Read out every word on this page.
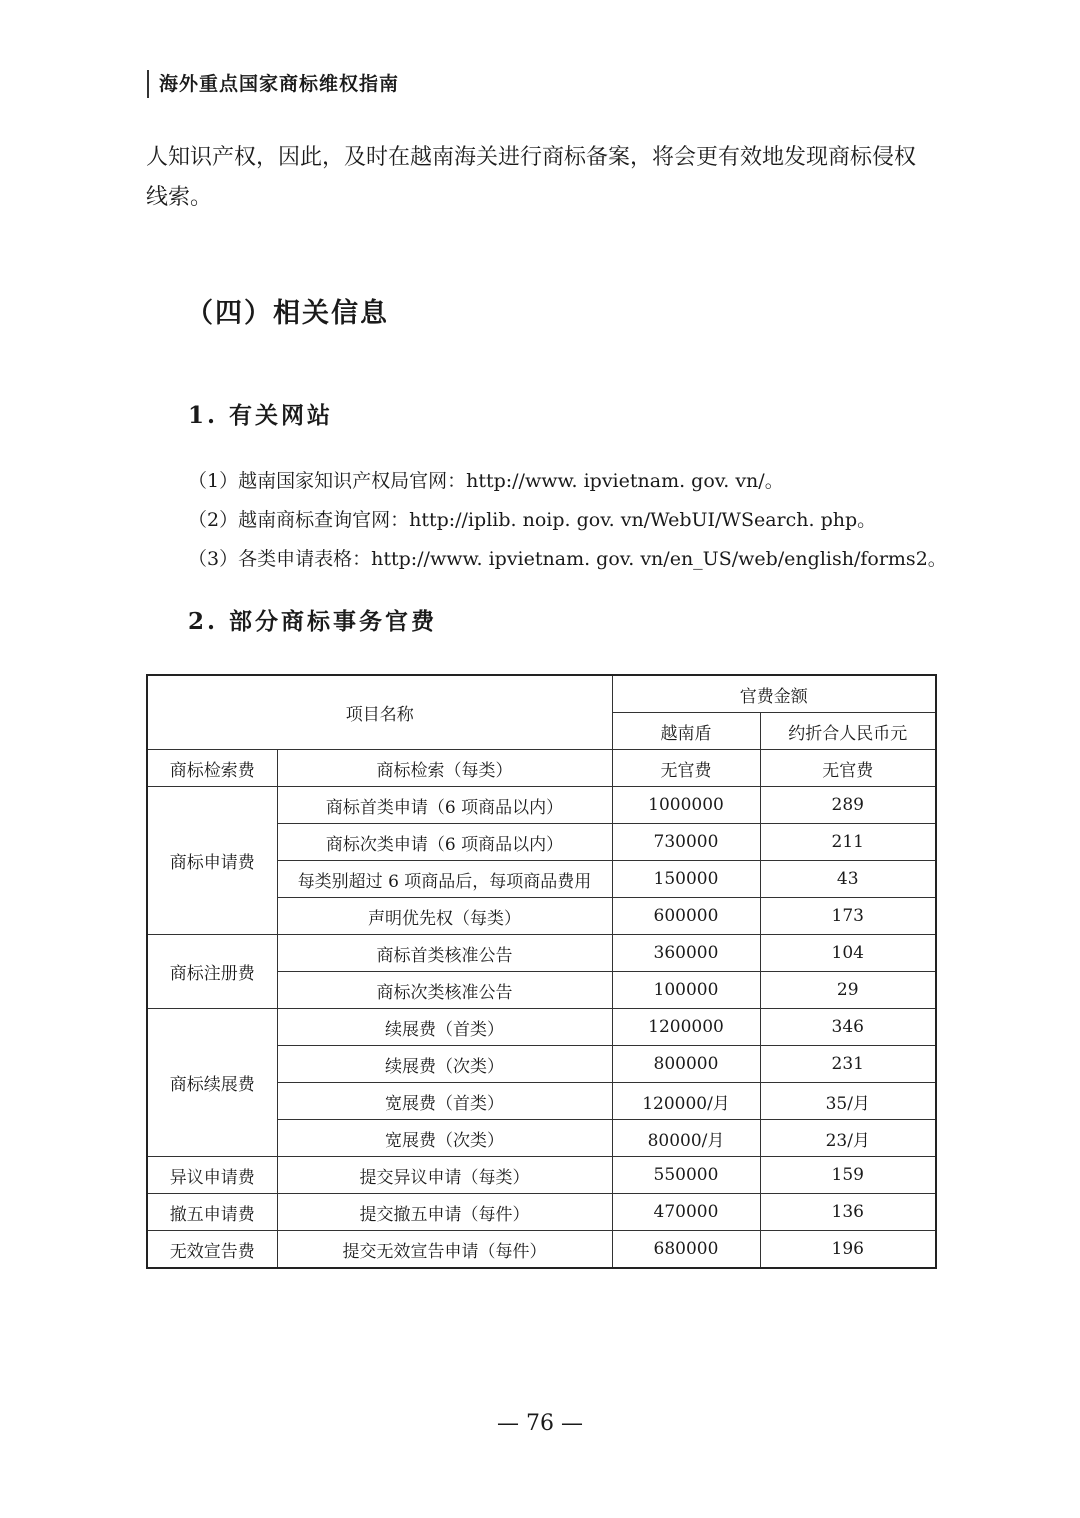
海外重点国家商标维权指南

人知识产权，因此，及时在越南海关进行商标备案，将会更有效地发现商标侵权线索。

（四）相关信息
1. 有关网站
（1）越南国家知识产权局官网：http://www. ipvietnam. gov. vn/。
（2）越南商标查询官网：http://iplib. noip. gov. vn/WebUI/WSearch. php。
（3）各类申请表格：http://www. ipvietnam. gov. vn/en_US/web/english/forms2。
2. 部分商标事务官费
项目名称		官费金额	
		越南盾	约折合人民币元
商标检索费	商标检索（每类）	无官费	无官费
商标申请费	商标首类申请（6 项商品以内）	1000000	289
	商标次类申请（6 项商品以内）	730000	211
	每类别超过 6 项商品后，每项商品费用	150000	43
	声明优先权（每类）	600000	173
商标注册费	商标首类核准公告	360000	104
	商标次类核准公告	100000	29
商标续展费	续展费（首类）	1200000	346
	续展费（次类）	800000	231
	宽展费（首类）	120000/月	35/月
	宽展费（次类）	80000/月	23/月
异议申请费	提交异议申请（每类）	550000	159
撤五申请费	提交撤五申请（每件）	470000	136
无效宣告费	提交无效宣告申请（每件）	680000	196
— 76 —
